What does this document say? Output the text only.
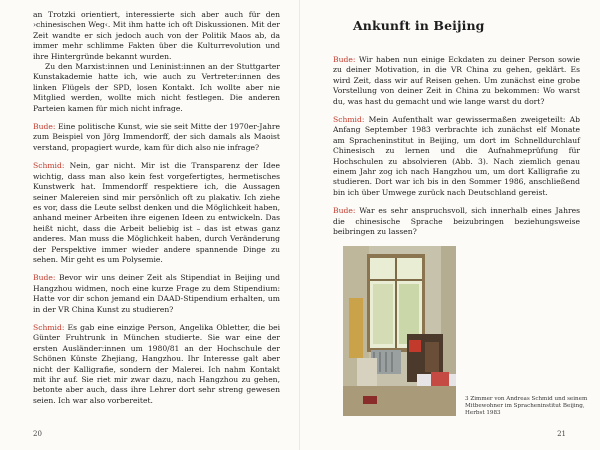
an Trotzki orientiert, interessierte sich aber auch für den ›chinesischen Weg‹. Mit ihm hatte ich oft Diskussionen. Mit der Zeit wandte er sich jedoch auch von der Politik Maos ab, da immer mehr schlimme Fakten über die Kulturrevolution und ihre Hintergründe bekannt wurden.

Zu den Marxist:innen und Leninist:innen an der Stuttgarter Kunstakademie hatte ich, wie auch zu Vertreter:innen des linken Flügels der SPD, losen Kontakt. Ich wollte aber nie Mitglied werden, wollte mich nicht festlegen. Die anderen Parteien kamen für mich nicht infrage.

Bude: Eine politische Kunst, wie sie seit Mitte der 1970er-Jahre zum Beispiel von Jörg Immendorff, der sich damals als Maoist verstand, propagiert wurde, kam für dich also nie infrage?

Schmid: Nein, gar nicht. Mir ist die Transparenz der Idee wichtig, dass man also kein fest vorgefertigtes, hermetisches Kunstwerk hat. Immendorff respektiere ich, die Aussagen seiner Malereien sind mir persönlich oft zu plakativ. Ich ziehe es vor, dass die Leute selbst denken und die Möglichkeit haben, anhand meiner Arbeiten ihre eigenen Ideen zu entwickeln. Das heißt nicht, dass die Arbeit beliebig ist – das ist etwas ganz anderes. Man muss die Möglichkeit haben, durch Veränderung der Perspektive immer wieder andere spannende Dinge zu sehen. Mir geht es um Polysemie.

Bude: Bevor wir uns deiner Zeit als Stipendiat in Beijing und Hangzhou widmen, noch eine kurze Frage zu dem Stipendium: Hatte vor dir schon jemand ein DAAD-Stipendium erhalten, um in der VR China Kunst zu studieren?

Schmid: Es gab eine einzige Person, Angelika Obletter, die bei Günter Fruhtrunk in München studierte. Sie war eine der ersten Ausländer:innen um 1980/81 an der Hochschule der Schönen Künste Zhejiang, Hangzhou. Ihr Interesse galt aber nicht der Kalligrafie, sondern der Malerei. Ich nahm Kontakt mit ihr auf. Sie riet mir zwar dazu, nach Hangzhou zu gehen, betonte aber auch, dass ihre Lehrer dort sehr streng gewesen seien. Ich war also vorbereitet.

20
Ankunft in Beijing

Bude: Wir haben nun einige Eckdaten zu deiner Person sowie zu deiner Motivation, in die VR China zu gehen, geklärt. Es wird Zeit, dass wir auf Reisen gehen. Um zunächst eine grobe Vorstellung von deiner Zeit in China zu bekommen: Wo warst du, was hast du gemacht und wie lange warst du dort?

Schmid: Mein Aufenthalt war gewissermaßen zweigeteilt: Ab Anfang September 1983 verbrachte ich zunächst elf Monate am Spracheninstitut in Beijing, um dort im Schnelldurchlauf Chinesisch zu lernen und die Aufnahmeprüfung für Hochschulen zu absolvieren (Abb. 3). Nach ziemlich genau einem Jahr zog ich nach Hangzhou um, um dort Kalligrafie zu studieren. Dort war ich bis in den Sommer 1986, anschließend bin ich über Umwege zurück nach Deutschland gereist.

Bude: War es sehr anspruchsvoll, sich innerhalb eines Jahres die chinesische Sprache beizubringen beziehungsweise beibringen zu lassen?

3 Zimmer von Andreas Schmid und seinem Mitbewohner im Spracheninstitut Beijing, Herbst 1983
21
